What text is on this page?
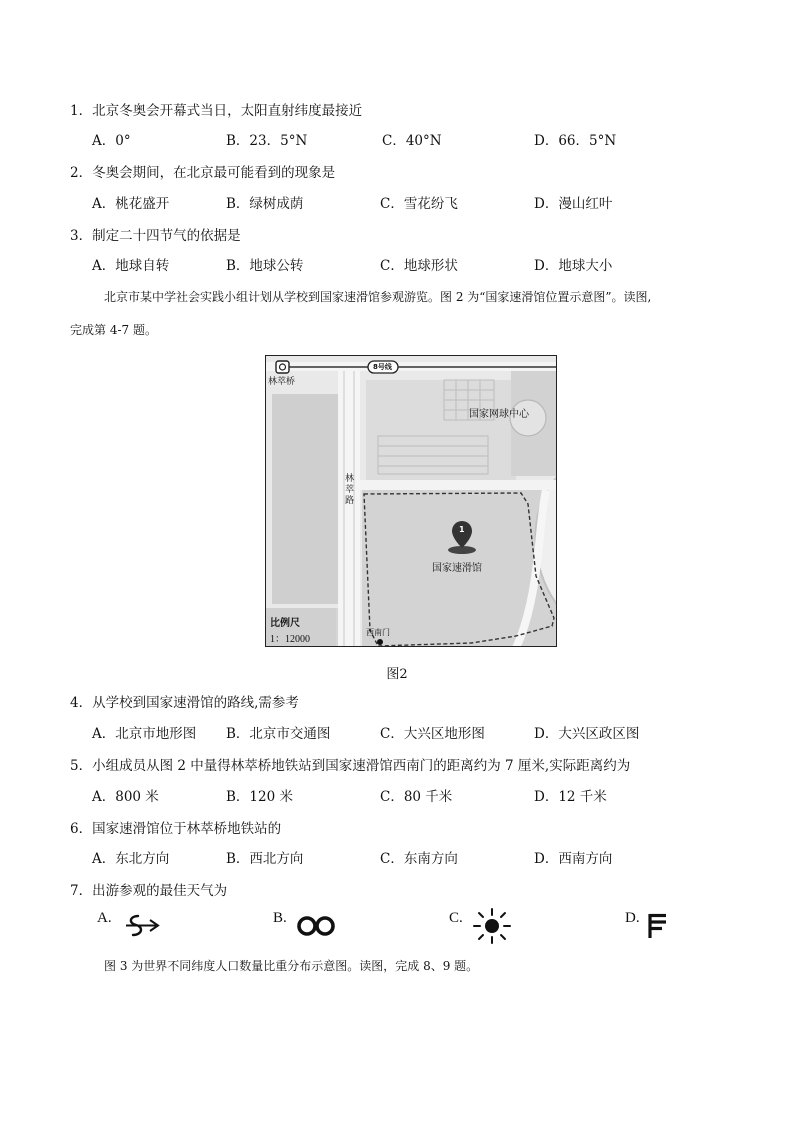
1．北京冬奥会开幕式当日，太阳直射纬度最接近
A．0°	B．23．5°N	C．40°N	D．66．5°N
2．冬奥会期间，在北京最可能看到的现象是
A．桃花盛开	B．绿树成荫	C．雪花纷飞	D．漫山红叶
3．制定二十四节气的依据是
A．地球自转	B．地球公转	C．地球形状	D．地球大小
北京市某中学社会实践小组计划从学校到国家速滑馆参观游览。图 2 为“国家速滑馆位置示意图”。读图,
完成第 4-7 题。
8号线
林萃桥
国家网球中心
林
萃
路
1
国家速滑馆
西南门
比例尺
1：12000
图2
4．从学校到国家速滑馆的路线,需参考
A．北京市地形图 B．北京市交通图	C．大兴区地形图	D．大兴区政区图
5．小组成员从图 2 中量得林萃桥地铁站到国家速滑馆西南门的距离约为 7 厘米,实际距离约为
A．800 米	B．120 米	C．80 千米	D．12 千米
6．国家速滑馆位于林萃桥地铁站的
A．东北方向	B．西北方向	C．东南方向	D．西南方向
7．出游参观的最佳天气为
A.	B.	C.	D.
图 3 为世界不同纬度人口数量比重分布示意图。读图，完成 8、9 题。
